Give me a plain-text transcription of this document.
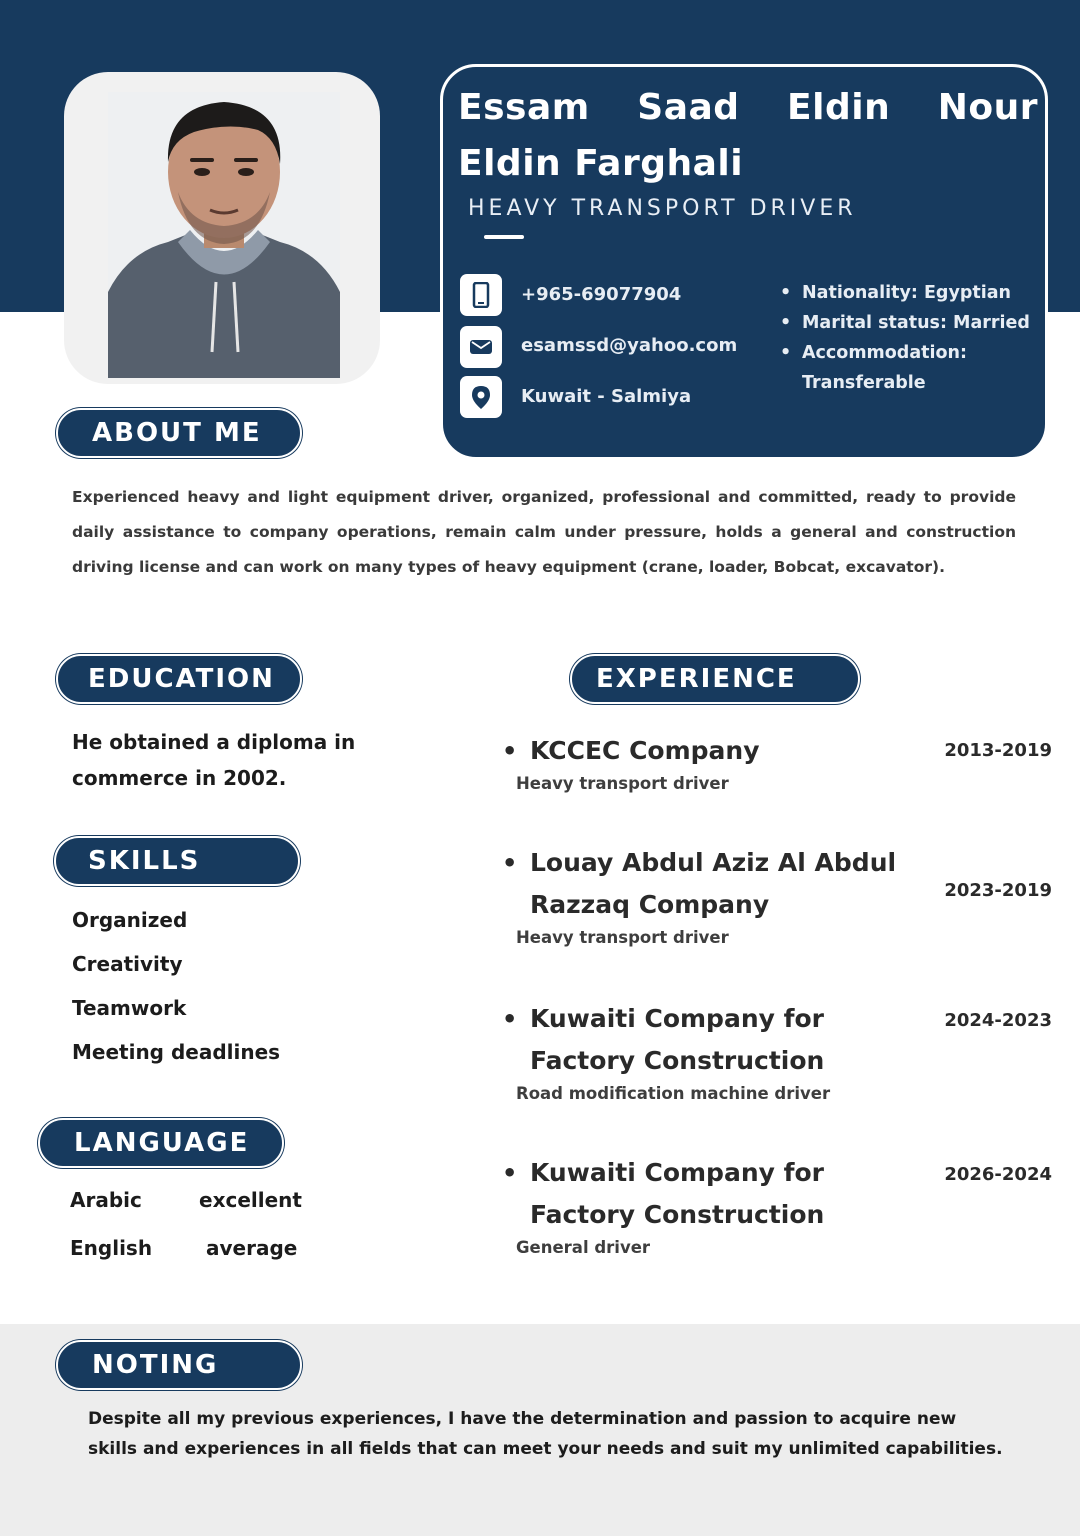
Essam Saad Eldin Nour Eldin Farghali
HEAVY TRANSPORT DRIVER
+965-69077904
esamssd@yahoo.com
Kuwait - Salmiya
• Nationality: Egyptian
• Marital status: Married
• Accommodation: Transferable
ABOUT ME
Experienced heavy and light equipment driver, organized, professional and committed, ready to provide daily assistance to company operations, remain calm under pressure, holds a general and construction driving license and can work on many types of heavy equipment (crane, loader, Bobcat, excavator).
EDUCATION
He obtained a diploma in commerce in 2002.
SKILLS
Organized
Creativity
Teamwork
Meeting deadlines
LANGUAGE
Arabic	excellent
English	average
EXPERIENCE
• KCCEC Company
Heavy transport driver
2013-2019
• Louay Abdul Aziz Al Abdul Razzaq Company
Heavy transport driver
2023-2019
• Kuwaiti Company for Factory Construction
Road modification machine driver
2024-2023
• Kuwaiti Company for Factory Construction
General driver
2026-2024
NOTING
Despite all my previous experiences, I have the determination and passion to acquire new skills and experiences in all fields that can meet your needs and suit my unlimited capabilities.
